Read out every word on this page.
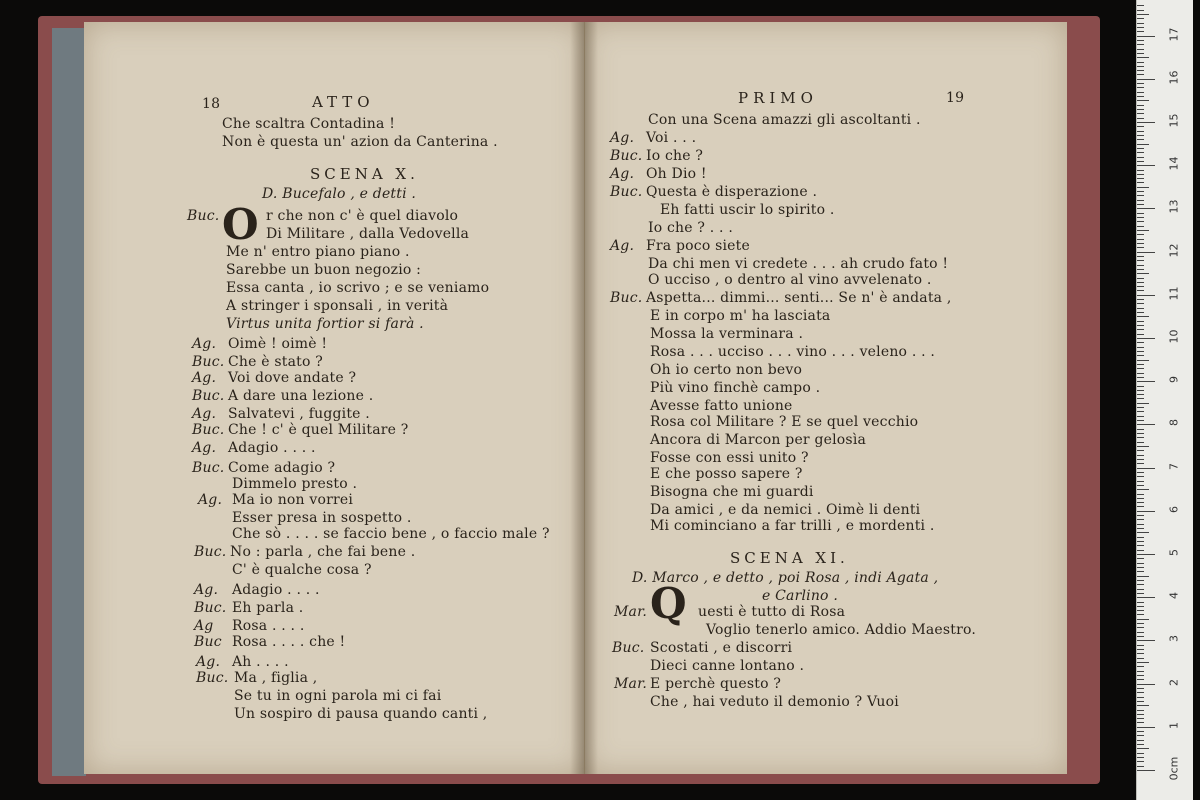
18	ATTO
O
Che scaltra Contadina !
Non è questa un' azion da Canterina .
SCENA X.
D. Bucefalo , e detti .
Buc.	r che non c' è quel diavolo
Di Militare , dalla Vedovella
Me n' entro piano piano .
Sarebbe un buon negozio :
Essa canta , io scrivo ; e se veniamo
A stringer i sponsali , in verità
Virtus unita fortior si farà .
Ag. Oimè ! oimè !
Buc. Che è stato ?
Ag. Voi dove andate ?
Buc. A dare una lezione .
Ag. Salvatevi , fuggite .
Buc. Che ! c' è quel Militare ?
Ag. Adagio . . . .
Buc. Come adagio ?
Dimmelo presto .
Ag. Ma io non vorrei
Esser presa in sospetto .
Che sò . . . . se faccio bene , o faccio male ?
Buc. No : parla , che fai bene .
C' è qualche cosa ?
Ag. Adagio . . . .
Buc. Eh parla .
Ag Rosa . . . .
Buc Rosa . . . . che !
Ag. Ah . . . .
Buc. Ma , figlia ,
Se tu in ogni parola mi ci fai
Un sospiro di pausa quando canti ,
19
PRIMO
Q
Con una Scena amazzi gli ascoltanti .
Ag. Voi . . .
Buc. Io che ?
Ag. Oh Dio !
Buc. Questa è disperazione .
Eh fatti uscir lo spirito .
Io che ? . . .
Ag. Fra poco siete
Da chi men vi credete . . . ah crudo fato !
O ucciso , o dentro al vino avvelenato .
Buc. Aspetta... dimmi... senti... Se n' è andata ,
E in corpo m' ha lasciata
Mossa la verminara .
Rosa . . . ucciso . . . vino . . . veleno . . .
Oh io certo non bevo
Più vino finchè campo .
Avesse fatto unione
Rosa col Militare ? E se quel vecchio
Ancora di Marcon per gelosìa
Fosse con essi unito ?
E che posso sapere ?
Bisogna che mi guardi
Da amici , e da nemici . Oimè li denti
Mi cominciano a far trilli , e mordenti .
SCENA XI.
D. Marco , e detto , poi Rosa , indi Agata ,
e Carlino .
Mar.	uesti è tutto di Rosa
Voglio tenerlo amico. Addio Maestro.
Buc. Scostati , e discorri
Dieci canne lontano .
Mar. E perchè questo ?
Che , hai veduto il demonio ? Vuoi
0cm
1
2
3
4
5
6
7
8
9
10
11
12
13
14
15
16
17
